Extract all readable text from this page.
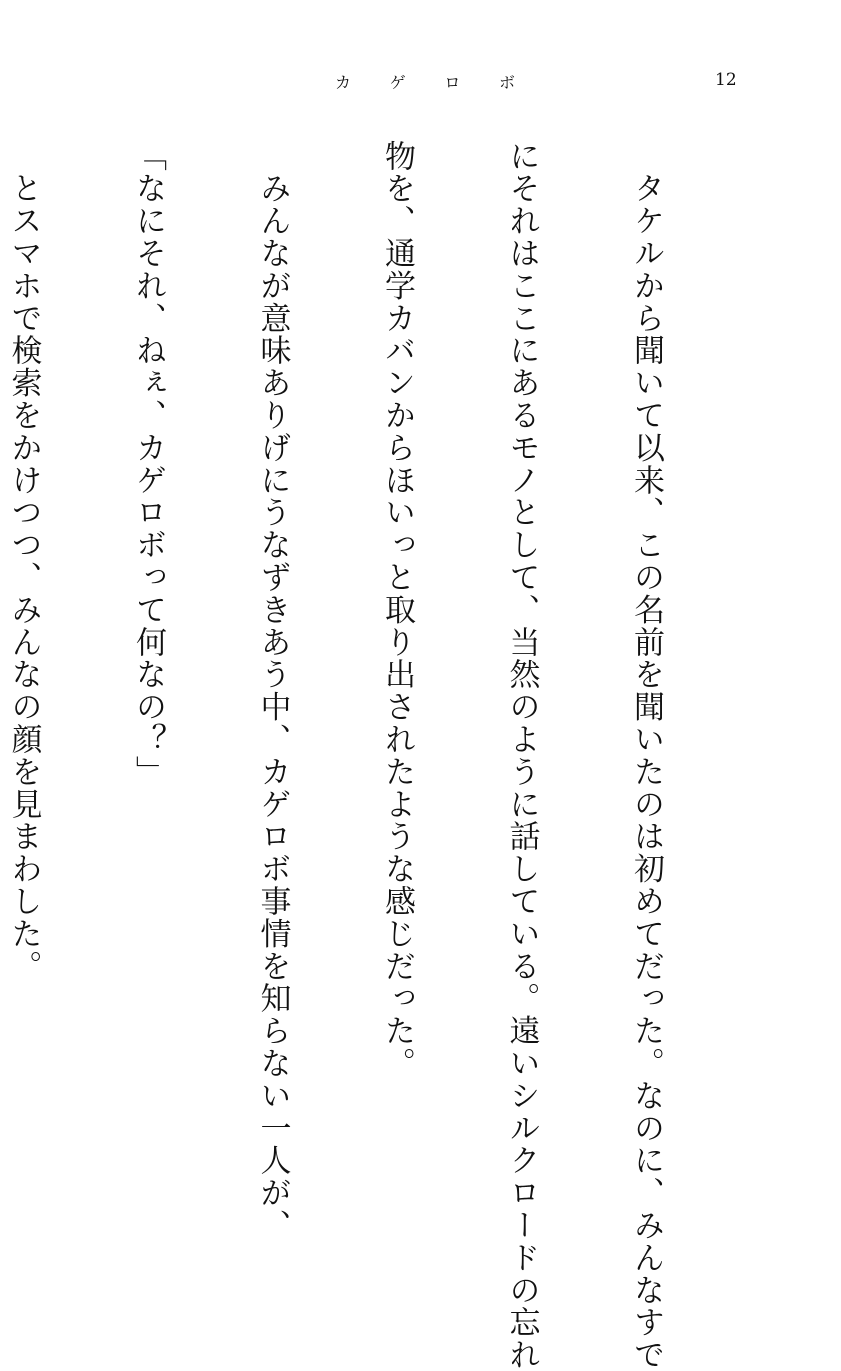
カ ゲ ロ ボ	12

　タケルから聞いて以来、この名前を聞いたのは初めてだった。なのに、みんなすで

にそれはここにあるモノとして、当然のように話している。遠いシルクロードの忘れ

物を、通学カバンからほいっと取り出されたような感じだった。

　みんなが意味ありげにうなずきあう中、カゲロボ事情を知らない一人が、

「なにそれ、ねぇ、カゲロボって何なの？」

　とスマホで検索をかけつつ、みんなの顔を見まわした。
